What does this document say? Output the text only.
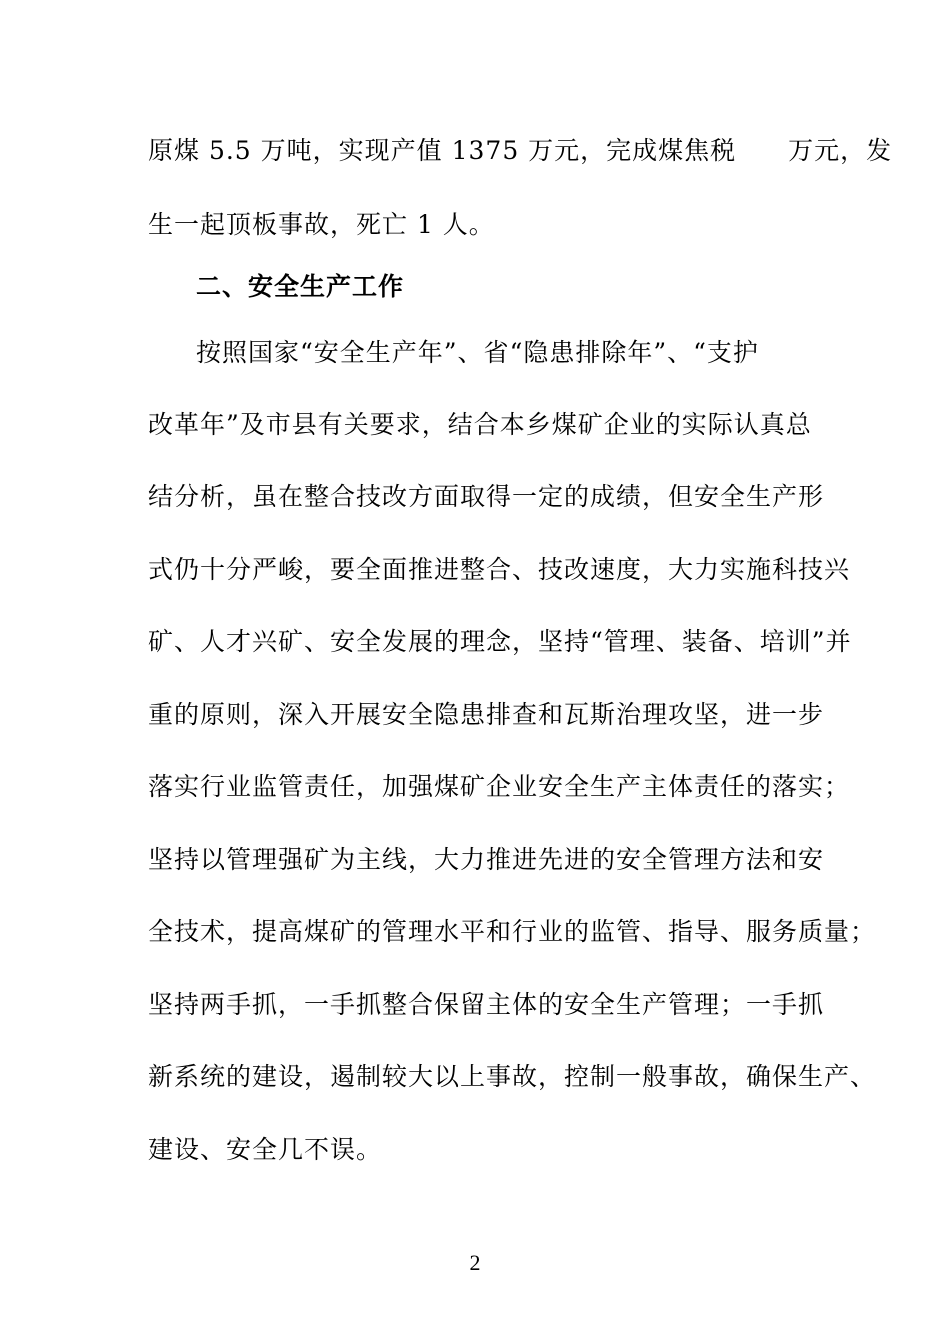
原煤 5.5 万吨，实现产值 1375 万元，完成煤焦税　　万元，发
生一起顶板事故，死亡 1 人。
二、安全生产工作
按照国家“安全生产年”、省“隐患排除年”、“支护
改革年”及市县有关要求，结合本乡煤矿企业的实际认真总
结分析，虽在整合技改方面取得一定的成绩，但安全生产形
式仍十分严峻，要全面推进整合、技改速度，大力实施科技兴
矿、人才兴矿、安全发展的理念，坚持“管理、装备、培训”并
重的原则，深入开展安全隐患排查和瓦斯治理攻坚，进一步
落实行业监管责任，加强煤矿企业安全生产主体责任的落实；
坚持以管理强矿为主线，大力推进先进的安全管理方法和安
全技术，提高煤矿的管理水平和行业的监管、指导、服务质量；
坚持两手抓，一手抓整合保留主体的安全生产管理；一手抓
新系统的建设，遏制较大以上事故，控制一般事故，确保生产、
建设、安全几不误。
2
